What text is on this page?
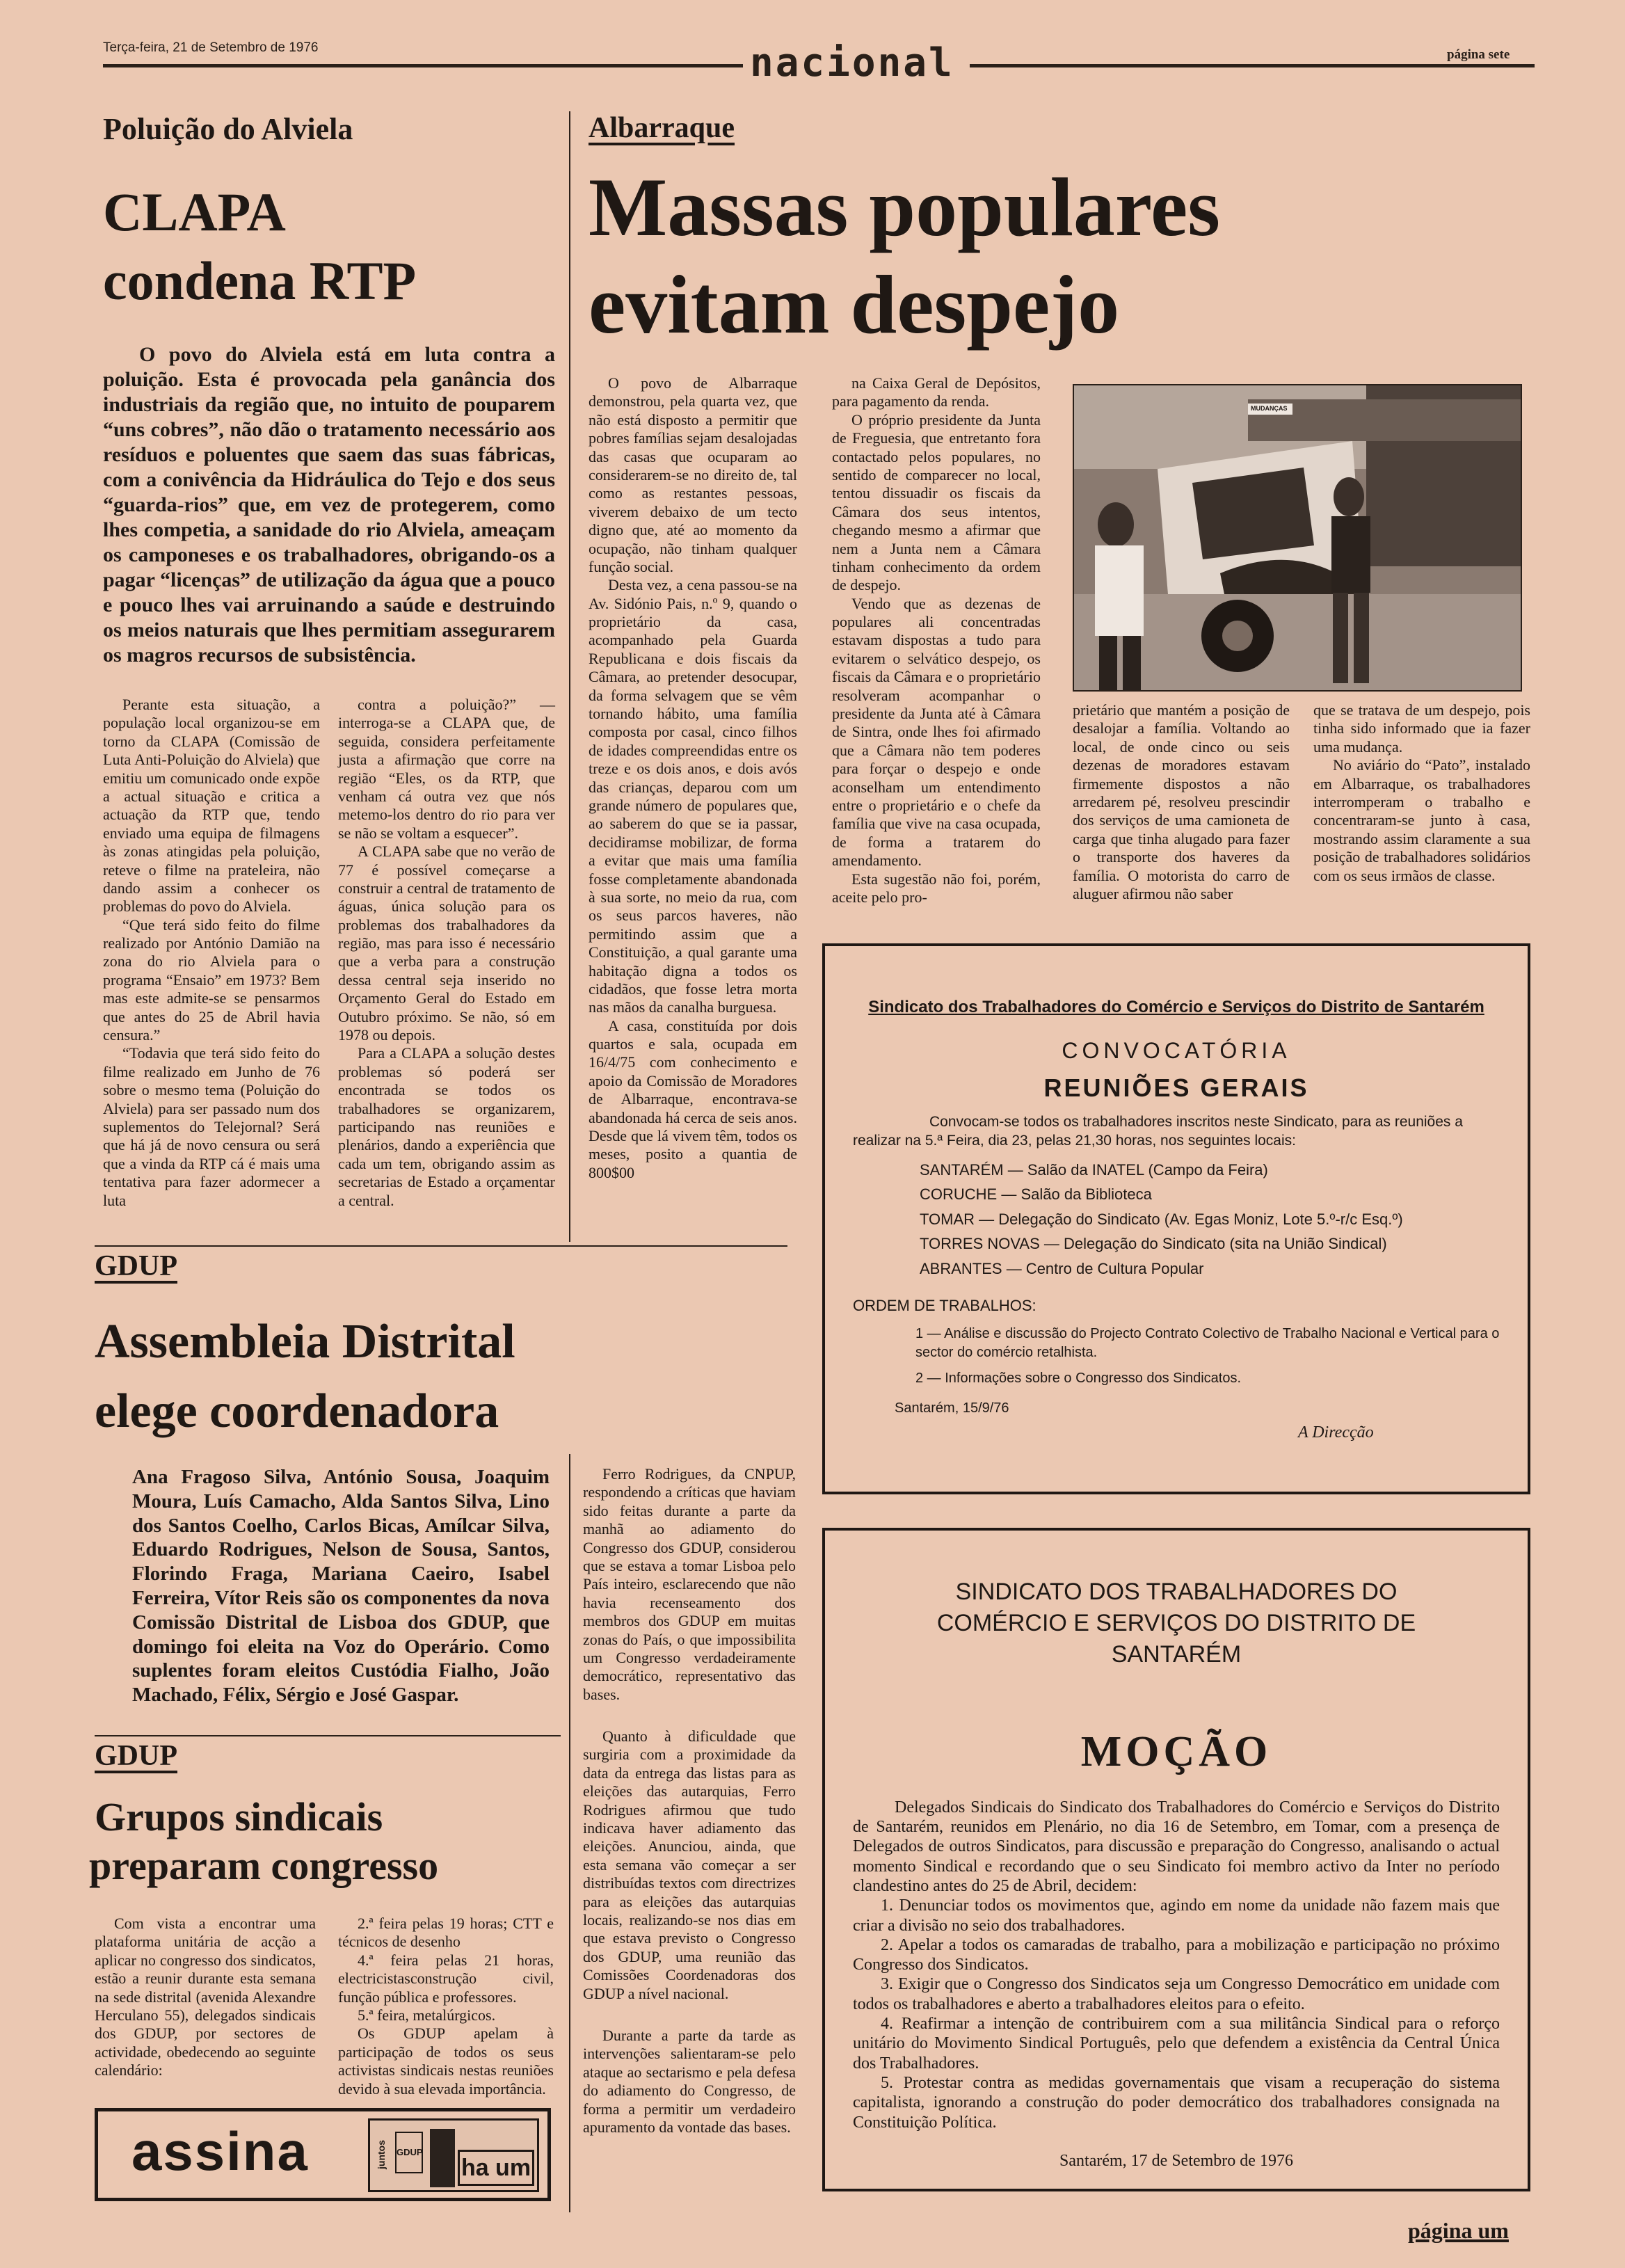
Terça-feira, 21 de Setembro de 1976	nacional	página sete
Poluição do Alviela
CLAPA
condena RTP

O povo do Alviela está em luta contra a poluição. Esta é provocada pela ganância dos industriais da região que, no intuito de pouparem “uns cobres”, não dão o tratamento necessário aos resíduos e poluentes que saem das suas fábricas, com a conivência da Hidráulica do Tejo e dos seus “guarda-rios” que, em vez de protegerem, como lhes competia, a sanidade do rio Alviela, ameaçam os camponeses e os trabalhadores, obrigando-os a pagar “licenças” de utilização da água que a pouco e pouco lhes vai arruinando a saúde e destruindo os meios naturais que lhes permitiam assegurarem os magros recursos de subsistência.

Perante esta situação, a população local organizou-se em torno da CLAPA (Comissão de Luta Anti-Poluição do Alviela) que emitiu um comunicado onde expõe a actual situação e critica a actuação da RTP que, tendo enviado uma equipa de filmagens às zonas atingidas pela poluição, reteve o filme na prateleira, não dando assim a conhecer os problemas do povo do Alviela.

“Que terá sido feito do filme realizado por António Damião na zona do rio Alviela para o programa “Ensaio” em 1973? Bem mas este admite-se se pensarmos que antes do 25 de Abril havia censura.”

“Todavia que terá sido feito do filme realizado em Junho de 76 sobre o mesmo tema (Poluição do Alviela) para ser passado num dos suplementos do Telejornal? Será que há já de novo censura ou será que a vinda da RTP cá é mais uma tentativa para fazer adormecer a luta

contra a poluição?” — interroga-se a CLAPA que, de seguida, considera perfeitamente justa a afirmação que corre na região “Eles, os da RTP, que venham cá outra vez que nós metemo-los dentro do rio para ver se não se voltam a esquecer”.

A CLAPA sabe que no verão de 77 é possível começarse a construir a central de tratamento de águas, única solução para os problemas dos trabalhadores da região, mas para isso é necessário que a verba para a construção dessa central seja inserido no Orçamento Geral do Estado em Outubro próximo. Se não, só em 1978 ou depois.

Para a CLAPA a solução destes problemas só poderá ser encontrada se todos os trabalhadores se organizarem, participando nas reuniões e plenários, dando a experiência que cada um tem, obrigando assim as secretarias de Estado a orçamentar a central.

Albarraque
Massas populares
evitam despejo

O povo de Albarraque demonstrou, pela quarta vez, que não está disposto a permitir que pobres famílias sejam desalojadas das casas que ocuparam ao considerarem-se no direito de, tal como as restantes pessoas, viverem debaixo de um tecto digno que, até ao momento da ocupação, não tinham qualquer função social.

Desta vez, a cena passou-se na Av. Sidónio Pais, n.º 9, quando o proprietário da casa, acompanhado pela Guarda Republicana e dois fiscais da Câmara, ao pretender desocupar, da forma selvagem que se vêm tornando hábito, uma família composta por casal, cinco filhos de idades compreendidas entre os treze e os dois anos, e dois avós das crianças, deparou com um grande número de populares que, ao saberem do que se ia passar, decidiramse mobilizar, de forma a evitar que mais uma família fosse completamente abandonada à sua sorte, no meio da rua, com os seus parcos haveres, não permitindo assim que a Constituição, a qual garante uma habitação digna a todos os cidadãos, que fosse letra morta nas mãos da canalha burguesa.

A casa, constituída por dois quartos e sala, ocupada em 16/4/75 com conhecimento e apoio da Comissão de Moradores de Albarraque, encontrava-se abandonada há cerca de seis anos. Desde que lá vivem têm, todos os meses, posito a quantia de 800$00

na Caixa Geral de Depósitos, para pagamento da renda.

O próprio presidente da Junta de Freguesia, que entretanto fora contactado pelos populares, no sentido de comparecer no local, tentou dissuadir os fiscais da Câmara dos seus intentos, chegando mesmo a afirmar que nem a Junta nem a Câmara tinham conhecimento da ordem de despejo.

Vendo que as dezenas de populares ali concentradas estavam dispostas a tudo para evitarem o selvático despejo, os fiscais da Câmara e o proprietário resolveram acompanhar o presidente da Junta até à Câmara de Sintra, onde lhes foi afirmado que a Câmara não tem poderes para forçar o despejo e onde aconselham um entendimento entre o proprietário e o chefe da família que vive na casa ocupada, de forma a tratarem do amendamento.

Esta sugestão não foi, porém, aceite pelo pro-

MUDANÇAS

prietário que mantém a posição de desalojar a família. Voltando ao local, de onde cinco ou seis dezenas de moradores estavam firmemente dispostos a não arredarem pé, resolveu prescindir dos serviços de uma camioneta de carga que tinha alugado para fazer o transporte dos haveres da família. O motorista do carro de aluguer afirmou não saber

que se tratava de um despejo, pois tinha sido informado que ia fazer uma mudança.

No aviário do “Pato”, instalado em Albarraque, os trabalhadores interromperam o trabalho e concentraram-se junto à casa, mostrando assim claramente a sua posição de trabalhadores solidários com os seus irmãos de classe.

Sindicato dos Trabalhadores do Comércio e Serviços do Distrito de Santarém
CONVOCATÓRIA
REUNIÕES GERAIS

Convocam-se todos os trabalhadores inscritos neste Sindicato, para as reuniões a realizar na 5.ª Feira, dia 23, pelas 21,30 horas, nos seguintes locais:

SANTARÉM — Salão da INATEL (Campo da Feira)
CORUCHE — Salão da Biblioteca
TOMAR — Delegação do Sindicato (Av. Egas Moniz, Lote 5.º-r/c Esq.º)
TORRES NOVAS — Delegação do Sindicato (sita na União Sindical)
ABRANTES — Centro de Cultura Popular
ORDEM DE TRABALHOS:
1 — Análise e discussão do Projecto Contrato Colectivo de Trabalho Nacional e Vertical para o sector do comércio retalhista.
2 — Informações sobre o Congresso dos Sindicatos.
Santarém, 15/9/76
A Direcção
SINDICATO DOS TRABALHADORES DO COMÉRCIO E SERVIÇOS DO DISTRITO DE SANTARÉM
MOÇÃO

Delegados Sindicais do Sindicato dos Trabalhadores do Comércio e Serviços do Distrito de Santarém, reunidos em Plenário, no dia 16 de Setembro, em Tomar, com a presença de Delegados de outros Sindicatos, para discussão e preparação do Congresso, analisando o actual momento Sindical e recordando que o seu Sindicato foi membro activo da Inter no período clandestino antes do 25 de Abril, decidem:

1. Denunciar todos os movimentos que, agindo em nome da unidade não fazem mais que criar a divisão no seio dos trabalhadores.

2. Apelar a todos os camaradas de trabalho, para a mobilização e participação no próximo Congresso dos Sindicatos.

3. Exigir que o Congresso dos Sindicatos seja um Congresso Democrático em unidade com todos os trabalhadores e aberto a trabalhadores eleitos para o efeito.

4. Reafirmar a intenção de contribuirem com a sua militância Sindical para o reforço unitário do Movimento Sindical Português, pelo que defendem a existência da Central Única dos Trabalhadores.

5. Protestar contra as medidas governamentais que visam a recuperação do sistema capitalista, ignorando a construção do poder democrático dos trabalhadores consignada na Constituição Política.

Santarém, 17 de Setembro de 1976
GDUP
Assembleia Distrital
elege coordenadora

Ana Fragoso Silva, António Sousa, Joaquim Moura, Luís Camacho, Alda Santos Silva, Lino dos Santos Coelho, Carlos Bicas, Amílcar Silva, Eduardo Rodrigues, Nelson de Sousa, Santos, Florindo Fraga, Mariana Caeiro, Isabel Ferreira, Vítor Reis são os componentes da nova Comissão Distrital de Lisboa dos GDUP, que domingo foi eleita na Voz do Operário. Como suplentes foram eleitos Custódia Fialho, João Machado, Félix, Sérgio e José Gaspar.

Ferro Rodrigues, da CNPUP, respondendo a críticas que haviam sido feitas durante a parte da manhã ao adiamento do Congresso dos GDUP, considerou que se estava a tomar Lisboa pelo País inteiro, esclarecendo que não havia recenseamento dos membros dos GDUP em muitas zonas do País, o que impossibilita um Congresso verdadeiramente democrático, representativo das bases.

Quanto à dificuldade que surgiria com a proximidade da data da entrega das listas para as eleições das autarquias, Ferro Rodrigues afirmou que tudo indicava haver adiamento das eleições. Anunciou, ainda, que esta semana vão começar a ser distribuídas textos com directrizes para as eleições das autarquias locais, realizando-se nos dias em que estava previsto o Congresso dos GDUP, uma reunião das Comissões Coordenadoras dos GDUP a nível nacional.

Durante a parte da tarde as intervenções salientaram-se pelo ataque ao sectarismo e pela defesa do adiamento do Congresso, de forma a permitir um verdadeiro apuramento da vontade das bases.

GDUP
Grupos sindicais
preparam congresso

Com vista a encontrar uma plataforma unitária de acção a aplicar no congresso dos sindicatos, estão a reunir durante esta semana na sede distrital (avenida Alexandre Herculano 55), delegados sindicais dos GDUP, por sectores de actividade, obedecendo ao seguinte calendário:

2.ª feira pelas 19 horas; CTT e técnicos de desenho

4.ª feira pelas 21 horas, electricistasconstrução civil, função pública e professores.

5.ª feira, metalúrgicos.

Os GDUP apelam à participação de todos os seus activistas sindicais nestas reuniões devido à sua elevada importância.

assina	juntos GDUP
ha um
página um
